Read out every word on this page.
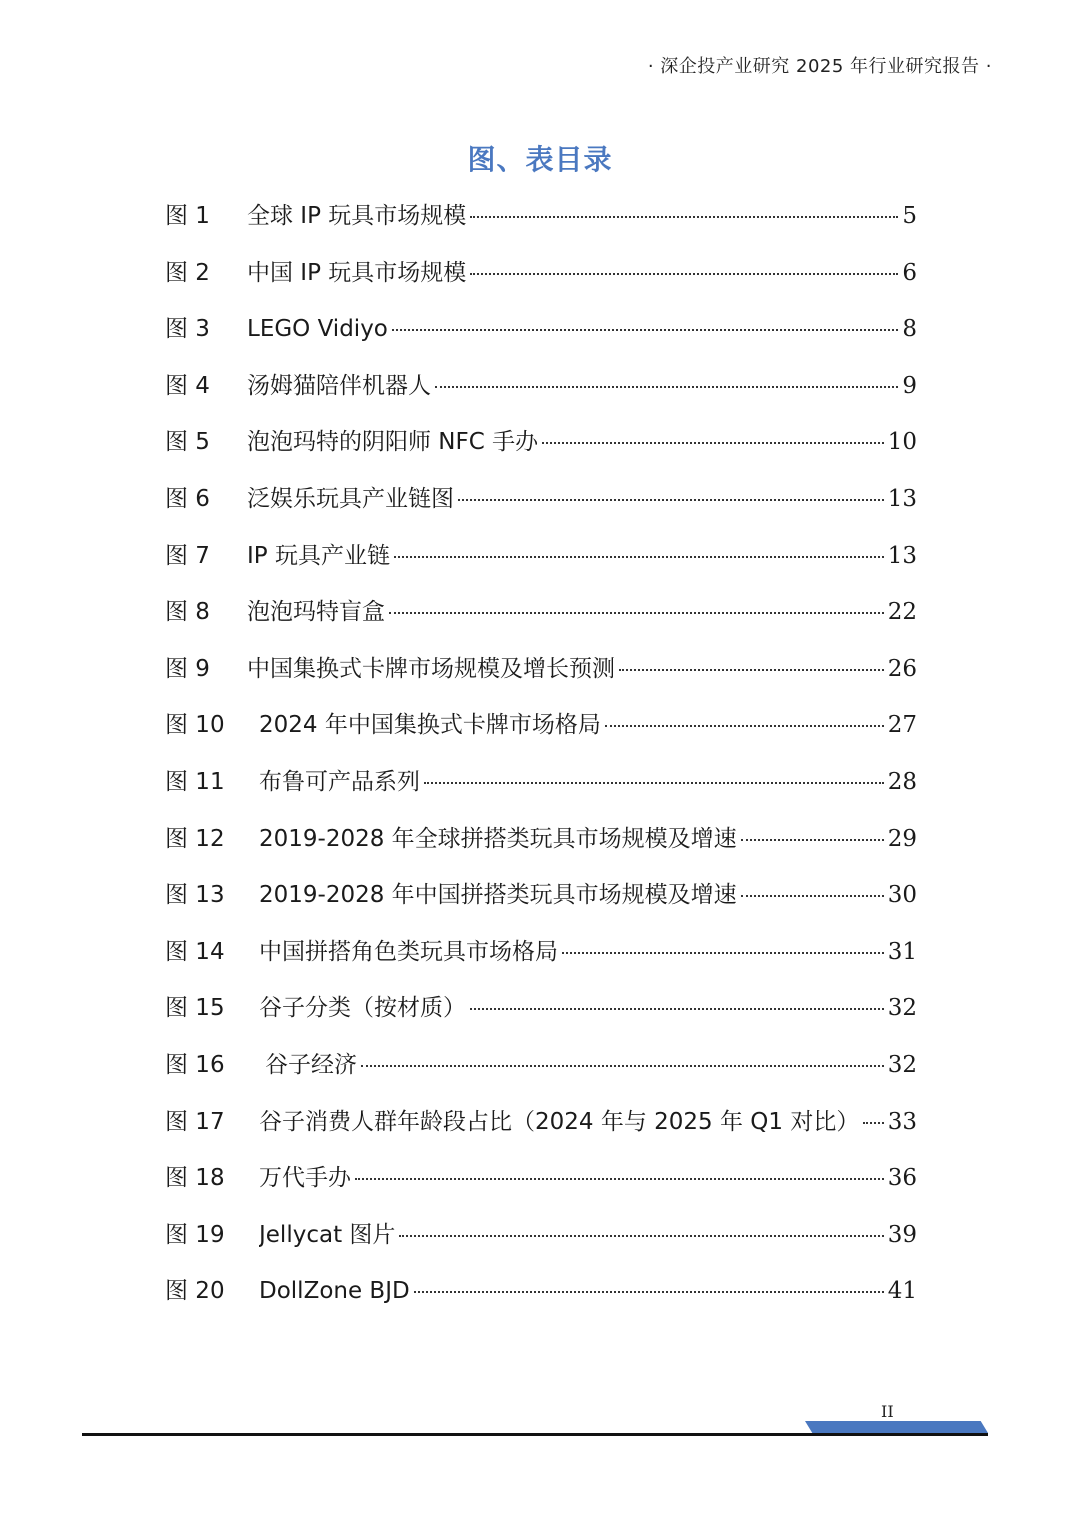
· 深企投产业研究 2025 年行业研究报告 ·
图、表目录
图 1	全球 IP 玩具市场规模	5
图 2	中国 IP 玩具市场规模	6
图 3	LEGO Vidiyo	8
图 4	汤姆猫陪伴机器人	9
图 5	泡泡玛特的阴阳师 NFC 手办	10
图 6	泛娱乐玩具产业链图	13
图 7	IP 玩具产业链	13
图 8	泡泡玛特盲盒	22
图 9	中国集换式卡牌市场规模及增长预测	26
图 10	2024 年中国集换式卡牌市场格局	27
图 11	布鲁可产品系列	28
图 12	2019-2028 年全球拼搭类玩具市场规模及增速	29
图 13	2019-2028 年中国拼搭类玩具市场规模及增速	30
图 14	中国拼搭角色类玩具市场格局	31
图 15	谷子分类（按材质）	32
图 16	谷子经济	32
图 17	谷子消费人群年龄段占比（2024 年与 2025 年 Q1 对比） 33
图 18	万代手办	36
图 19	Jellycat 图片	39
图 20	DollZone BJD	41
II
